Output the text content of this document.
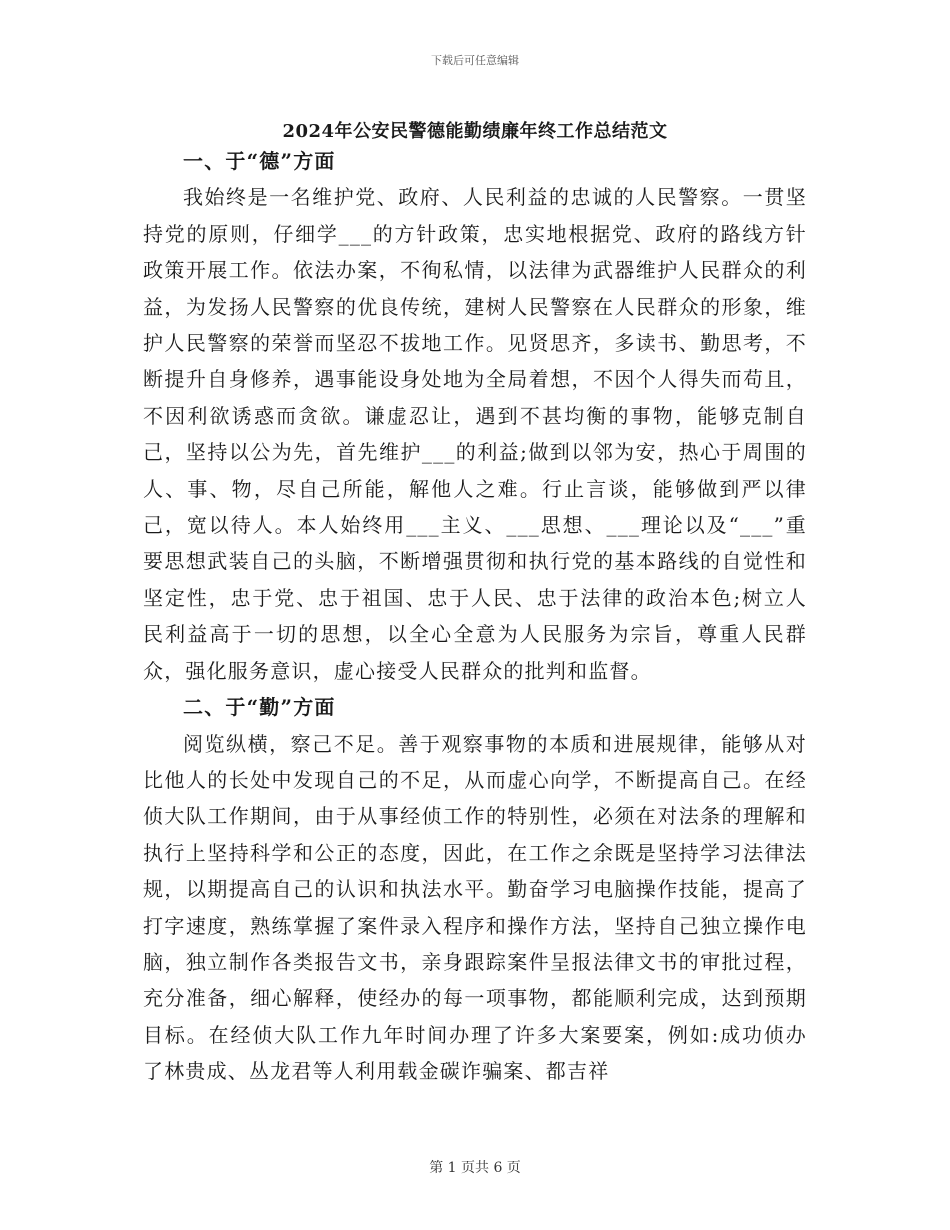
下载后可任意编辑
2024年公安民警德能勤绩廉年终工作总结范文

一、于“德”方面

我始终是一名维护党、政府、人民利益的忠诚的人民警察。一贯坚持党的原则，仔细学___的方针政策，忠实地根据党、政府的路线方针政策开展工作。依法办案，不徇私情，以法律为武器维护人民群众的利益，为发扬人民警察的优良传统，建树人民警察在人民群众的形象，维护人民警察的荣誉而坚忍不拔地工作。见贤思齐，多读书、勤思考，不断提升自身修养，遇事能设身处地为全局着想，不因个人得失而苟且，不因利欲诱惑而贪欲。谦虚忍让，遇到不甚均衡的事物，能够克制自己，坚持以公为先，首先维护___的利益;做到以邻为安，热心于周围的人、事、物，尽自己所能，解他人之难。行止言谈，能够做到严以律己，宽以待人。本人始终用___主义、___思想、___理论以及“___”重要思想武装自己的头脑，不断增强贯彻和执行党的基本路线的自觉性和坚定性，忠于党、忠于祖国、忠于人民、忠于法律的政治本色;树立人民利益高于一切的思想，以全心全意为人民服务为宗旨，尊重人民群众，强化服务意识，虚心接受人民群众的批判和监督。

二、于“勤”方面

阅览纵横，察己不足。善于观察事物的本质和进展规律，能够从对比他人的长处中发现自己的不足，从而虚心向学，不断提高自己。在经侦大队工作期间，由于从事经侦工作的特别性，必须在对法条的理解和执行上坚持科学和公正的态度，因此，在工作之余既是坚持学习法律法规，以期提高自己的认识和执法水平。勤奋学习电脑操作技能，提高了打字速度，熟练掌握了案件录入程序和操作方法，坚持自己独立操作电脑，独立制作各类报告文书，亲身跟踪案件呈报法律文书的审批过程，充分准备，细心解释，使经办的每一项事物，都能顺利完成，达到预期目标。在经侦大队工作九年时间办理了许多大案要案，例如:成功侦办了林贵成、丛龙君等人利用载金碳诈骗案、都吉祥

第 1 页共 6 页
